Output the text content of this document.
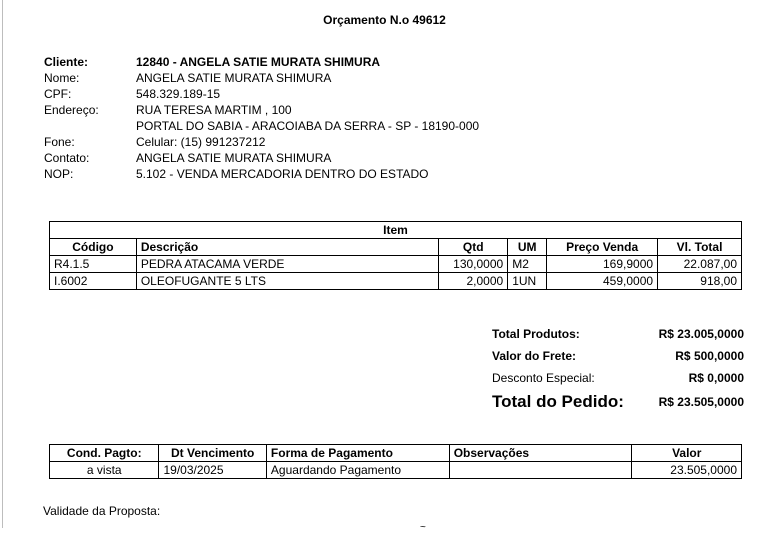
Orçamento N.o 49612
Cliente:	12840 - ANGELA SATIE MURATA SHIMURA
Nome:	ANGELA SATIE MURATA SHIMURA
CPF:	548.329.189-15
Endereço:	RUA TERESA MARTIM , 100
PORTAL DO SABIA - ARACOIABA DA SERRA - SP - 18190-000
Fone:	Celular: (15) 991237212
Contato:	ANGELA SATIE MURATA SHIMURA
NOP:	5.102 - VENDA MERCADORIA DENTRO DO ESTADO
Item					
Código	Descrição	Qtd	UM	Preço Venda	Vl. Total
R4.1.5	PEDRA ATACAMA VERDE	130,0000	M2	169,9000	22.087,00
I.6002	OLEOFUGANTE 5 LTS	2,0000	1UN	459,0000	918,00
Total Produtos:	R$ 23.005,0000
Valor do Frete:	R$ 500,0000
Desconto Especial:	R$ 0,0000
Total do Pedido:	R$ 23.505,0000
Cond. Pagto:	Dt Vencimento	Forma de Pagamento	Observações	Valor
a vista	19/03/2025	Aguardando Pagamento		23.505,0000
Validade da Proposta:
~
